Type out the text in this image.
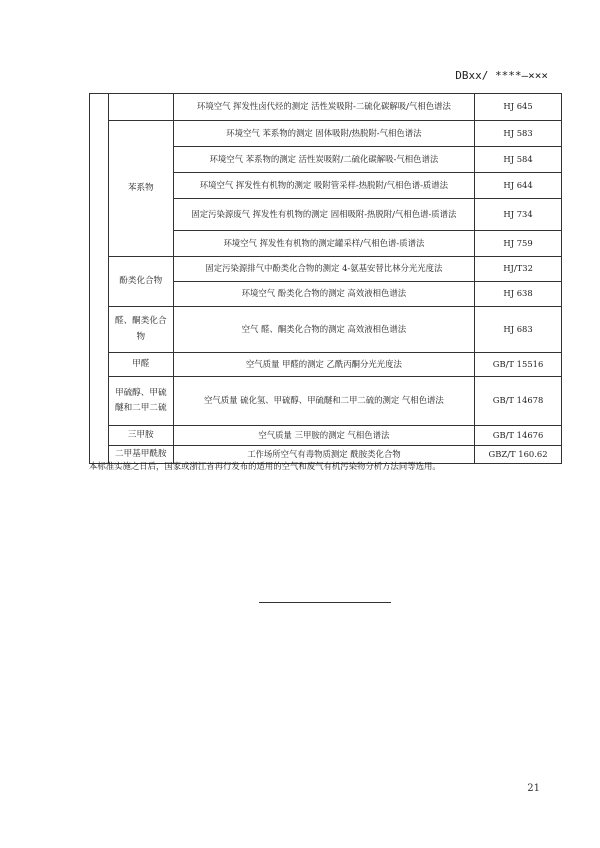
DBxx/ ****—×××
		环境空气 挥发性卤代烃的测定 活性炭吸附-二硫化碳解吸/气相色谱法	HJ 645
	苯系物	环境空气 苯系物的测定 固体吸附/热脱附-气相色谱法	HJ 583
		环境空气 苯系物的测定 活性炭吸附/二硫化碳解吸-气相色谱法	HJ 584
		环境空气 挥发性有机物的测定 吸附管采样-热脱附/气相色谱-质谱法	HJ 644
		固定污染源废气 挥发性有机物的测定 固相吸附-热脱附/气相色谱-质谱法	HJ 734
		环境空气 挥发性有机物的测定罐采样/气相色谱-质谱法	HJ 759
	酚类化合物	固定污染源排气中酚类化合物的测定 4-氨基安替比林分光光度法	HJ/T32
		环境空气 酚类化合物的测定 高效液相色谱法	HJ 638
	醛、酮类化合物	空气 醛、酮类化合物的测定 高效液相色谱法	HJ 683
	甲醛	空气质量 甲醛的测定 乙酰丙酮分光光度法	GB/T 15516
	甲硫醇、甲硫醚和二甲二硫	空气质量 硫化氢、甲硫醇、甲硫醚和二甲二硫的测定 气相色谱法	GB/T 14678
	三甲胺	空气质量 三甲胺的测定 气相色谱法	GB/T 14676
	二甲基甲酰胺	工作场所空气有毒物质测定 酰胺类化合物	GBZ/T 160.62
本标准实施之日后，国家或浙江省再行发布的适用的空气和废气有机污染物分析方法同等选用。
21
